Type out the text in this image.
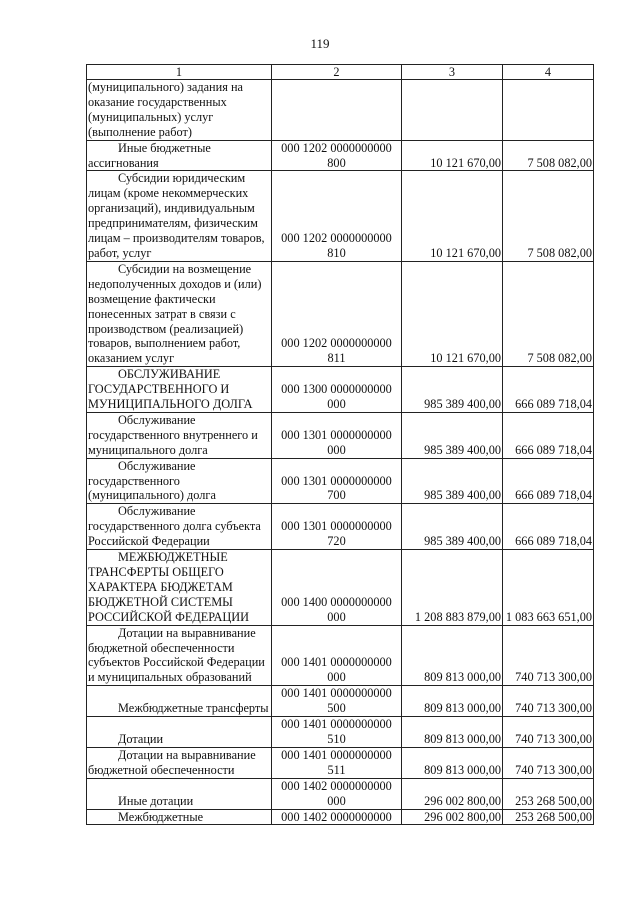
119
1	2	3	4

(муниципального) задания на оказание государственных (муниципальных) услуг (выполнение работ)			

Иные бюджетные ассигнования	000 1202 0000000000 800	10 121 670,00	7 508 082,00

Субсидии юридическим лицам (кроме некоммерческих организаций), индивидуальным предпринимателям, физическим лицам – производителям товаров, работ, услуг	000 1202 0000000000 810	10 121 670,00	7 508 082,00

Субсидии на возмещение недополученных доходов и (или) возмещение фактически понесенных затрат в связи с производством (реализацией) товаров, выполнением работ, оказанием услуг	000 1202 0000000000 811	10 121 670,00	7 508 082,00

ОБСЛУЖИВАНИЕ ГОСУДАРСТВЕННОГО И МУНИЦИПАЛЬНОГО ДОЛГА	000 1300 0000000000 000	985 389 400,00	666 089 718,04

Обслуживание государственного внутреннего и муниципального долга	000 1301 0000000000 000	985 389 400,00	666 089 718,04

Обслуживание государственного (муниципального) долга	000 1301 0000000000 700	985 389 400,00	666 089 718,04

Обслуживание государственного долга субъекта Российской Федерации	000 1301 0000000000 720	985 389 400,00	666 089 718,04

МЕЖБЮДЖЕТНЫЕ ТРАНСФЕРТЫ ОБЩЕГО ХАРАКТЕРА БЮДЖЕТАМ БЮДЖЕТНОЙ СИСТЕМЫ РОССИЙСКОЙ ФЕДЕРАЦИИ	000 1400 0000000000 000	1 208 883 879,00	1 083 663 651,00

Дотации на выравнивание бюджетной обеспеченности субъектов Российской Федерации и муниципальных образований	000 1401 0000000000 000	809 813 000,00	740 713 300,00

Межбюджетные трансферты	000 1401 0000000000 500	809 813 000,00	740 713 300,00

Дотации	000 1401 0000000000 510	809 813 000,00	740 713 300,00

Дотации на выравнивание бюджетной обеспеченности	000 1401 0000000000 511	809 813 000,00	740 713 300,00

Иные дотации	000 1402 0000000000 000	296 002 800,00	253 268 500,00

Межбюджетные	000 1402 0000000000	296 002 800,00	253 268 500,00
